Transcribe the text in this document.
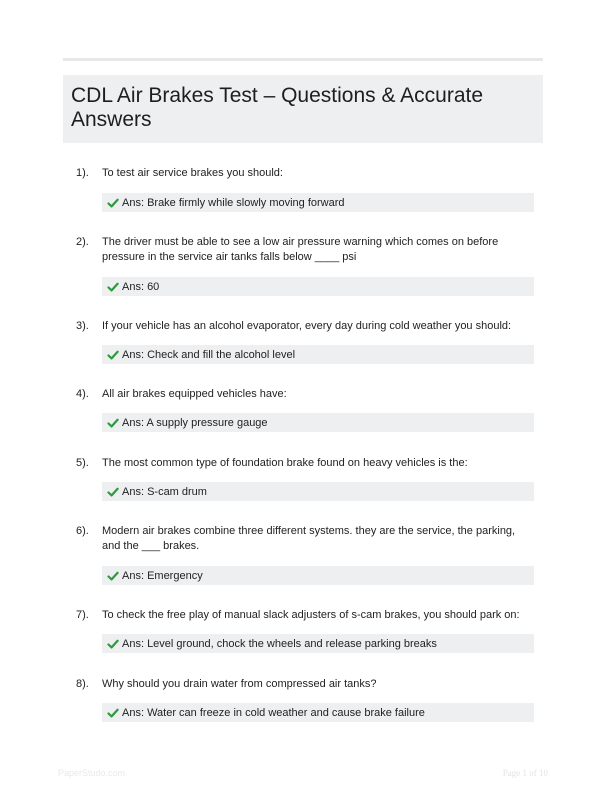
CDL Air Brakes Test – Questions & Accurate Answers
1). To test air service brakes you should:
Ans: Brake firmly while slowly moving forward
2). The driver must be able to see a low air pressure warning which comes on before pressure in the service air tanks falls below ____ psi
Ans: 60
3). If your vehicle has an alcohol evaporator, every day during cold weather you should:
Ans: Check and fill the alcohol level
4). All air brakes equipped vehicles have:
Ans: A supply pressure gauge
5). The most common type of foundation brake found on heavy vehicles is the:
Ans: S-cam drum
6). Modern air brakes combine three different systems. they are the service, the parking, and the ___ brakes.
Ans: Emergency
7). To check the free play of manual slack adjusters of s-cam brakes, you should park on:
Ans: Level ground, chock the wheels and release parking breaks
8). Why should you drain water from compressed air tanks?
Ans: Water can freeze in cold weather and cause brake failure
PaperStudo.com	Page 1 of 10
